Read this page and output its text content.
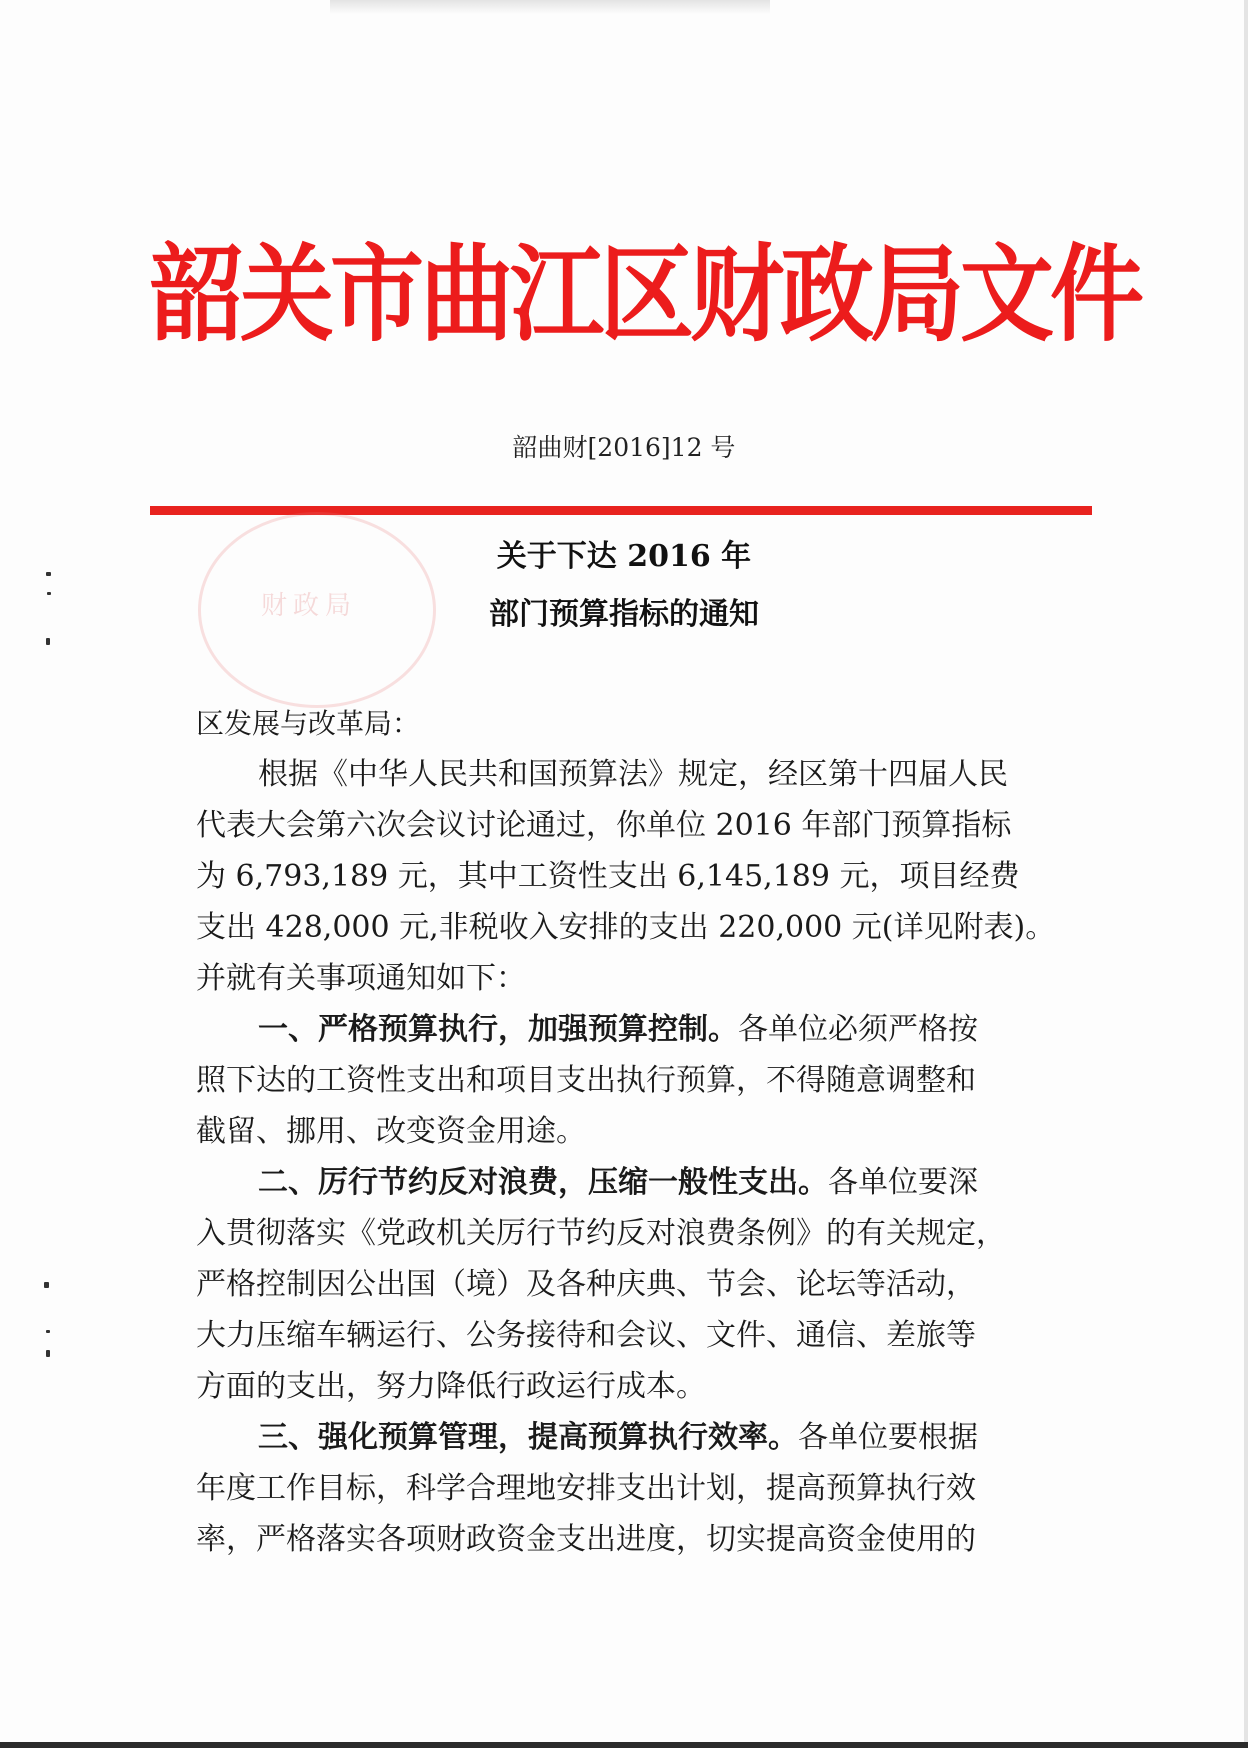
韶关市曲江区财政局文件
韶曲财[2016]12 号
财政局
关于下达 2016 年
部门预算指标的通知
区发展与改革局：
根据《中华人民共和国预算法》规定，经区第十四届人民
代表大会第六次会议讨论通过，你单位 2016 年部门预算指标
为 6,793,189 元，其中工资性支出 6,145,189 元，项目经费
支出 428,000 元,非税收入安排的支出 220,000 元(详见附表)。
并就有关事项通知如下：
一、严格预算执行，加强预算控制。各单位必须严格按
照下达的工资性支出和项目支出执行预算，不得随意调整和
截留、挪用、改变资金用途。
二、厉行节约反对浪费，压缩一般性支出。各单位要深
入贯彻落实《党政机关厉行节约反对浪费条例》的有关规定，
严格控制因公出国（境）及各种庆典、节会、论坛等活动，
大力压缩车辆运行、公务接待和会议、文件、通信、差旅等
方面的支出，努力降低行政运行成本。
三、强化预算管理，提高预算执行效率。各单位要根据
年度工作目标，科学合理地安排支出计划，提高预算执行效
率，严格落实各项财政资金支出进度，切实提高资金使用的
